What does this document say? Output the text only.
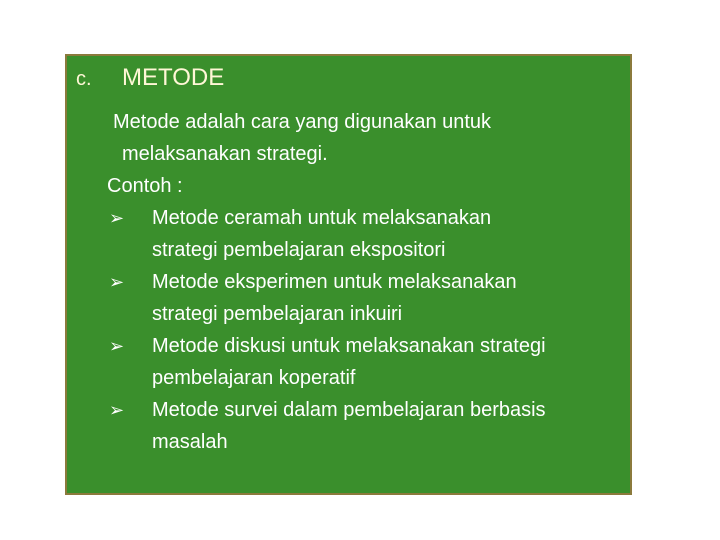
c. METODE
Metode adalah cara yang digunakan untuk
melaksanakan strategi.
Contoh :
➢ Metode ceramah untuk melaksanakan
strategi pembelajaran ekspositori
➢ Metode eksperimen untuk melaksanakan
strategi pembelajaran inkuiri
➢ Metode diskusi untuk melaksanakan strategi
pembelajaran koperatif
➢ Metode survei dalam pembelajaran berbasis
masalah
